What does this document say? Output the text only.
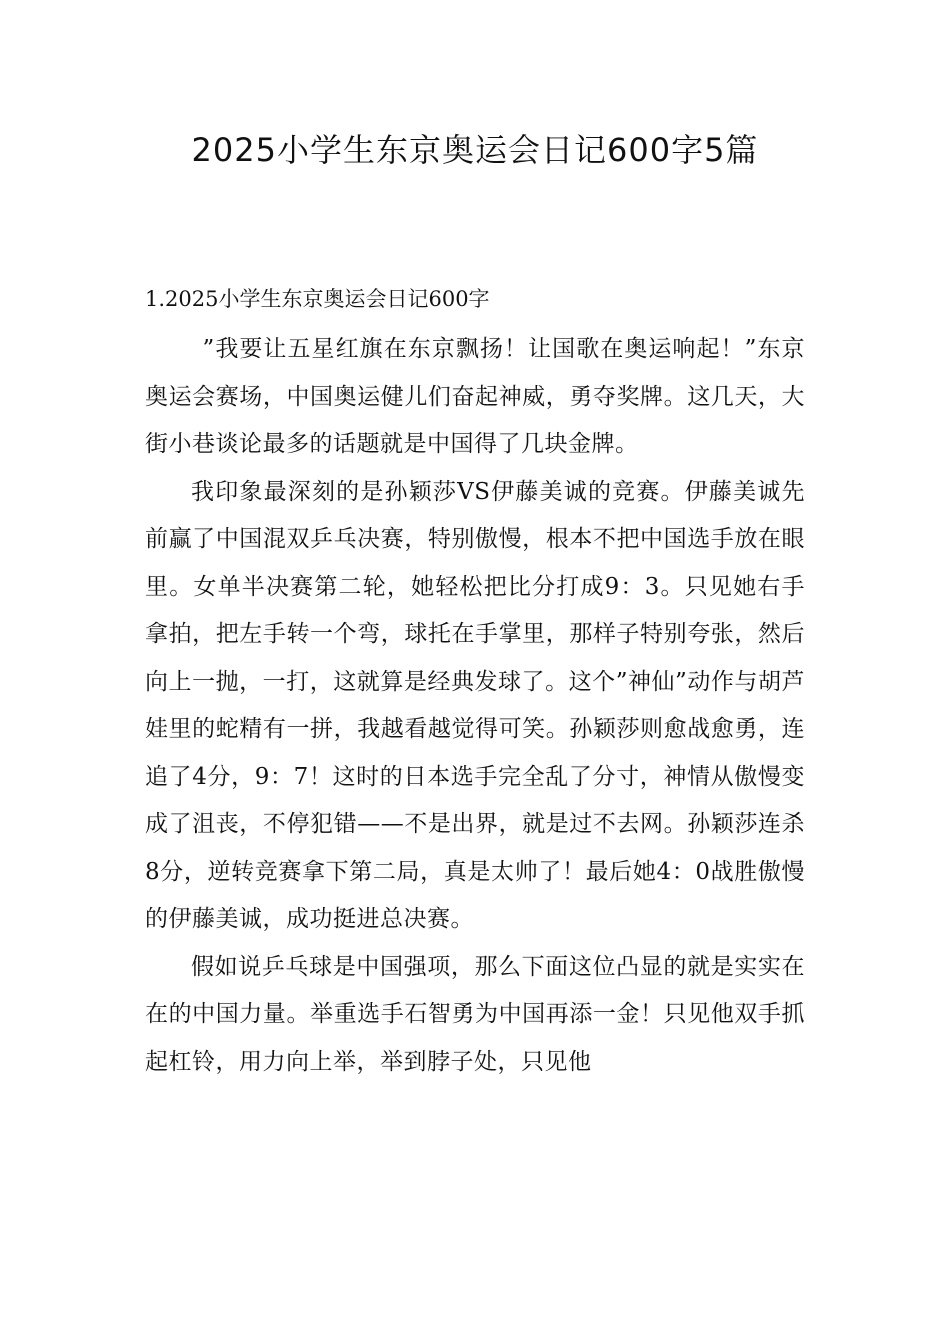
2025小学生东京奥运会日记600字5篇
1.2025小学生东京奥运会日记600字

”我要让五星红旗在东京飘扬！让国歌在奥运响起！”东京奥运会赛场，中国奥运健儿们奋起神威，勇夺奖牌。这几天，大街小巷谈论最多的话题就是中国得了几块金牌。

我印象最深刻的是孙颖莎VS伊藤美诚的竞赛。伊藤美诚先前赢了中国混双乒乓决赛，特别傲慢，根本不把中国选手放在眼里。女单半决赛第二轮，她轻松把比分打成9：3。只见她右手拿拍，把左手转一个弯，球托在手掌里，那样子特别夸张，然后向上一抛，一打，这就算是经典发球了。这个”神仙”动作与胡芦娃里的蛇精有一拼，我越看越觉得可笑。孙颖莎则愈战愈勇，连追了4分，9：7！这时的日本选手完全乱了分寸，神情从傲慢变成了沮丧，不停犯错——不是出界，就是过不去网。孙颖莎连杀8分，逆转竞赛拿下第二局，真是太帅了！最后她4：0战胜傲慢的伊藤美诚，成功挺进总决赛。

假如说乒乓球是中国强项，那么下面这位凸显的就是实实在在的中国力量。举重选手石智勇为中国再添一金！只见他双手抓起杠铃，用力向上举，举到脖子处，只见他
